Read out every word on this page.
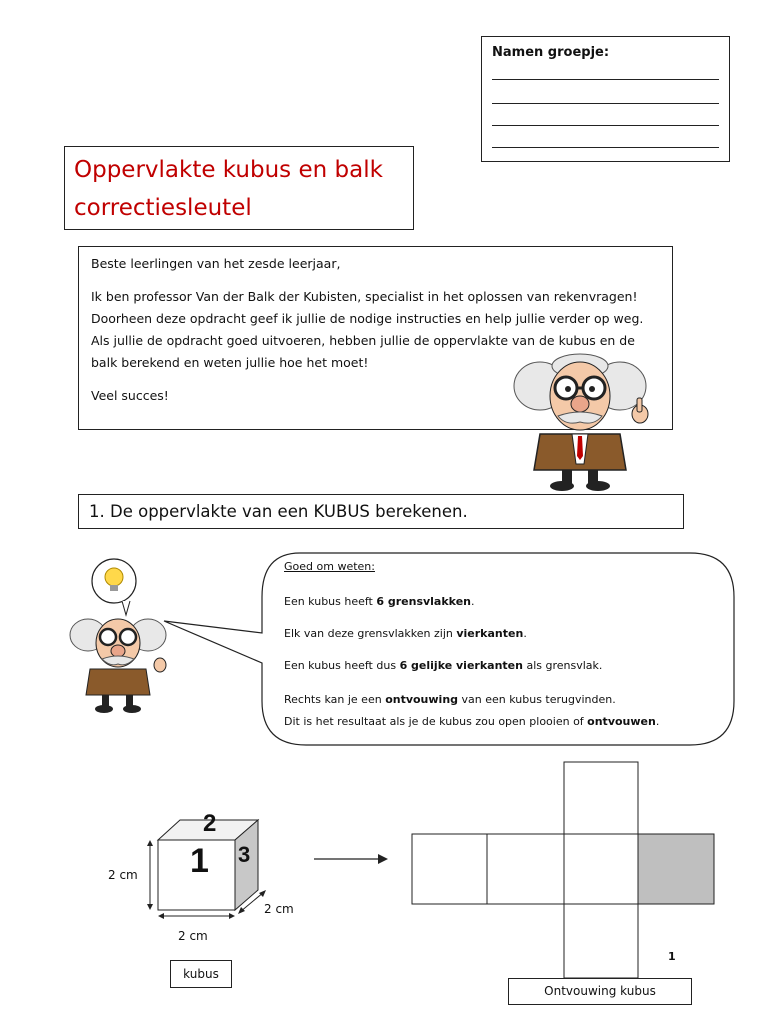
Namen groepje:
Oppervlakte kubus en balk
correctiesleutel

Beste leerlingen van het zesde leerjaar,

Ik ben professor Van der Balk der Kubisten, specialist in het oplossen van rekenvragen!

Doorheen deze opdracht geef ik jullie de nodige instructies en help jullie verder op weg.

Als jullie de opdracht goed uitvoeren, hebben jullie de oppervlakte van de kubus en de

balk berekend en weten jullie hoe het moet!

Veel succes!

1. De oppervlakte van een KUBUS berekenen.
Goed om weten:
Een kubus heeft 6 grensvlakken.
Elk van deze grensvlakken zijn vierkanten.
Een kubus heeft dus 6 gelijke vierkanten als grensvlak.
Rechts kan je een ontvouwing van een kubus terugvinden.
Dit is het resultaat als je de kubus zou open plooien of ontvouwen.
1
2
3
2 cm
2 cm
2 cm
kubus
1
Ontvouwing kubus
